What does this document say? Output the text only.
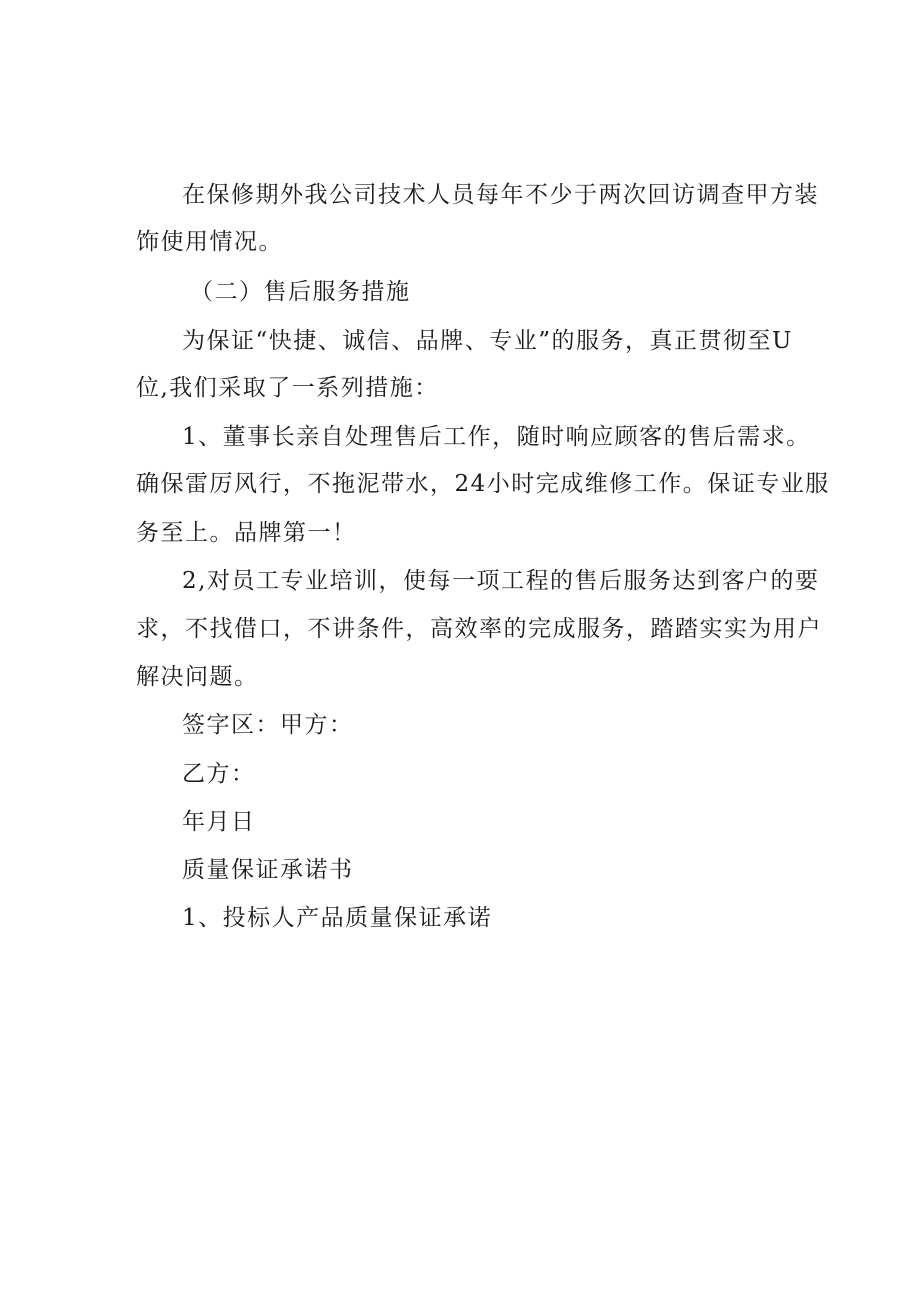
在保修期外我公司技术人员每年不少于两次回访调查甲方装
饰使用情况。
（二）售后服务措施
为保证“快捷、诚信、品牌、专业”的服务，真正贯彻至U
位,我们采取了一系列措施：
1、董事长亲自处理售后工作，随时响应顾客的售后需求。
确保雷厉风行，不拖泥带水，24小时完成维修工作。保证专业服
务至上。品牌第一！
2,对员工专业培训，使每一项工程的售后服务达到客户的要
求，不找借口，不讲条件，高效率的完成服务，踏踏实实为用户
解决问题。
签字区：甲方：
乙方：
年月日
质量保证承诺书
1、投标人产品质量保证承诺
